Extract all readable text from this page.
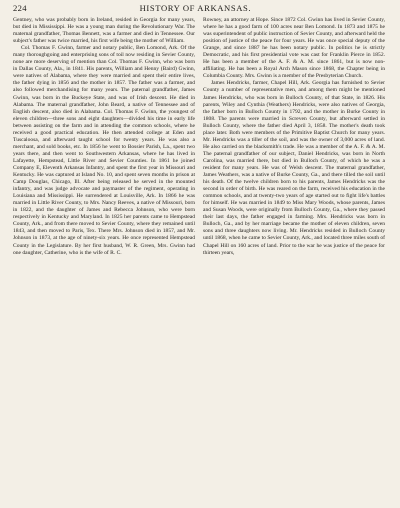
224	HISTORY OF ARKANSAS.

Gentney, who was probably born in Ireland, resided in Georgia for many years, but died in Mississippi. He was a young man during the Revolutionary War. The maternal grandfather, Thomas Bennett, was a farmer and died in Tennessee. Our subject's father was twice married, his first wife being the mother of William.

Col. Thomas F. Gwinn, farmer and notary public, Ben Lomond, Ark. Of the many thoroughgoing and enterprising sons of toil now residing in Sevier County, none are more deserving of mention than Col. Thomas F. Gwinn, who was born in Dallas County, Ala., in 1841. His parents, William and Henny (Baird) Gwinn, were natives of Alabama, where they were married and spent their entire lives, the father dying in 1856 and the mother in 1857. The father was a farmer, and also followed merchandising for many years. The paternal grandfather, James Gwinn, was born in the Buckeye State, and was of Irish descent. He died in Alabama. The maternal grandfather, John Beard, a native of Tennessee and of English descent, also died in Alabama. Col. Thomas F. Gwinn, the youngest of eleven children—three sons and eight daughters—divided his time in early life between assisting on the farm and in attending the common schools, where he received a good practical education. He then attended college at Eden and Tuscaloosa, and afterward taught school for twenty years. He was also a merchant, and sold books, etc. In 1856 he went to Bossier Parish, La., spent two years there, and then went to Southwestern Arkansas, where he has lived in Lafayette, Hempstead, Little River and Sevier Counties. In 1861 he joined Company E, Eleventh Arkansas Infantry, and spent the first year in Missouri and Kentucky. He was captured at Island No. 10, and spent seven months in prison at Camp Douglas, Chicago, Ill. After being released he served in the mounted infantry, and was judge advocate and paymaster of the regiment, operating in Louisiana and Mississippi. He surrendered at Louisville, Ark. In 1866 he was married in Little River County, to Mrs. Nancy Reeves, a native of Missouri, born in 1822, and the daughter of James and Rebecca Johnson, who were born respectively in Kentucky and Maryland. In 1825 her parents came to Hempstead County, Ark., and from there moved to Sevier County, where they remained until 1843, and then moved to Paris, Tex. There Mrs. Johnson died in 1857, and Mr. Johnson in 1873, at the age of ninety-six years. He once represented Hempstead County in the Legislature. By her first husband, W. R. Green, Mrs. Gwinn had one daughter, Catherine, who is the wife of R. C.

Rowney, an attorney at Hope. Since 1872 Col. Gwinn has lived in Sevier County, where he has a good farm of 100 acres near Ben Lomond. In 1873 and 1875 he was superintendent of public instruction of Sevier County, and afterward held the position of justice of the peace for four years. He was once special deputy of the Grange, and since 1887 he has been notary public. In politics he is strictly Democratic, and his first presidential vote was cast for Franklin Pierce in 1852. He has been a member of the A. F. & A. M. since 1861, but is now non-affiliating. He has been a Royal Arch Mason since 1868, the Chapter being in Columbia County. Mrs. Gwinn is a member of the Presbyterian Church.

James Hendricks, farmer, Chapel Hill, Ark. Georgia has furnished to Sevier County a number of representative men, and among them might be mentioned James Hendricks, who was born in Bulloch County, of that State, in 1826. His parents, Wiley and Cynthia (Weathers) Hendricks, were also natives of Georgia, the father born in Bulloch County in 1792, and the mother in Burke County in 1808. The parents were married in Screven County, but afterward settled in Bulloch County, where the father died April 3, 1858. The mother's death took place later. Both were members of the Primitive Baptist Church for many years. Mr. Hendricks was a tiller of the soil, and was the owner of 3,000 acres of land. He also carried on the blacksmith's trade. He was a member of the A. F. & A. M. The paternal grandfather of our subject, Daniel Hendricks, was born in North Carolina, was married there, but died in Bulloch County, of which he was a resident for many years. He was of Welsh descent. The maternal grandfather, James Weathers, was a native of Burke County, Ga., and there tilled the soil until his death. Of the twelve children born to his parents, James Hendricks was the second in order of birth. He was reared on the farm, received his education in the common schools, and at twenty-two years of age started out to fight life's battles for himself. He was married in 1849 to Miss Mary Woods, whose parents, James and Susan Woods, were originally from Bulloch County, Ga., where they passed their last days, the father engaged in farming. Mrs. Hendricks was born in Bulloch, Ga., and by her marriage became the mother of eleven children, seven sons and three daughters now living. Mr. Hendricks resided in Bulloch County until 1868, when he came to Sevier County, Ark., and located three miles south of Chapel Hill on 160 acres of land. Prior to the war he was justice of the peace for thirteen years,
